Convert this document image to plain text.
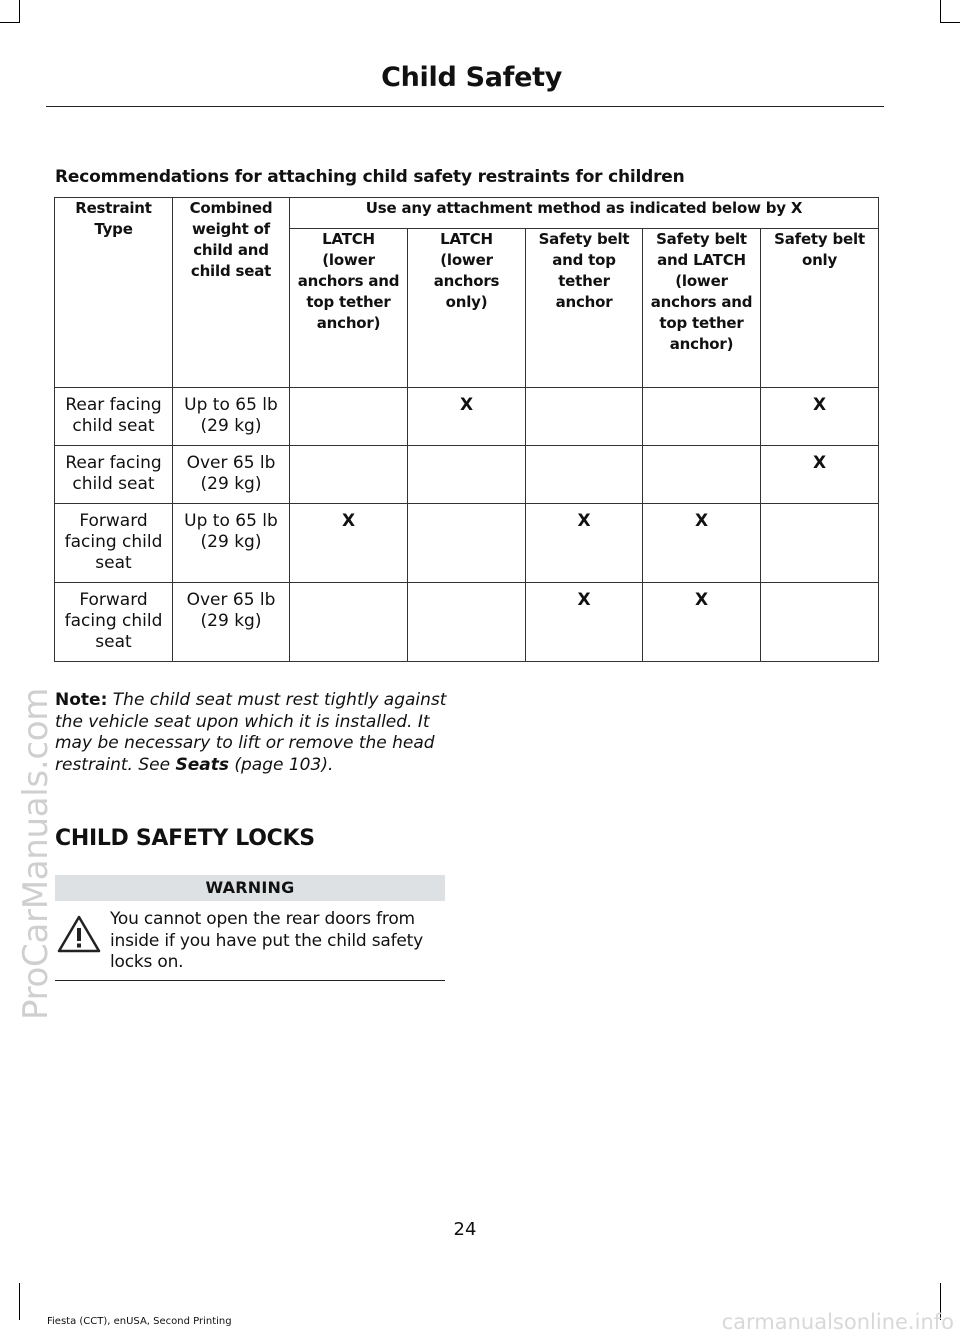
Child Safety
Recommendations for attaching child safety restraints for children
Restraint Type	Combined weight of child and child seat	Use any attachment method as indicated below by X				

		LATCH (lower anchors and top tether anchor)	LATCH (lower anchors only)	Safety belt and top tether anchor	Safety belt and LATCH (lower anchors and top tether anchor)	Safety belt only

Rear facing child seat	Up to 65 lb (29 kg)		X			X
Rear facing child seat	Over 65 lb (29 kg)					X
Forward facing child seat	Up to 65 lb (29 kg)	X		X	X	
Forward facing child seat	Over 65 lb (29 kg)			X	X	
Note: The child seat must rest tightly against the vehicle seat upon which it is installed. It may be necessary to lift or remove the head restraint. See Seats (page 103).
CHILD SAFETY LOCKS
WARNING
You cannot open the rear doors from inside if you have put the child safety locks on.
24
Fiesta (CCT), enUSA, Second Printing
ProCarManuals.com
carmanualsonline.info
